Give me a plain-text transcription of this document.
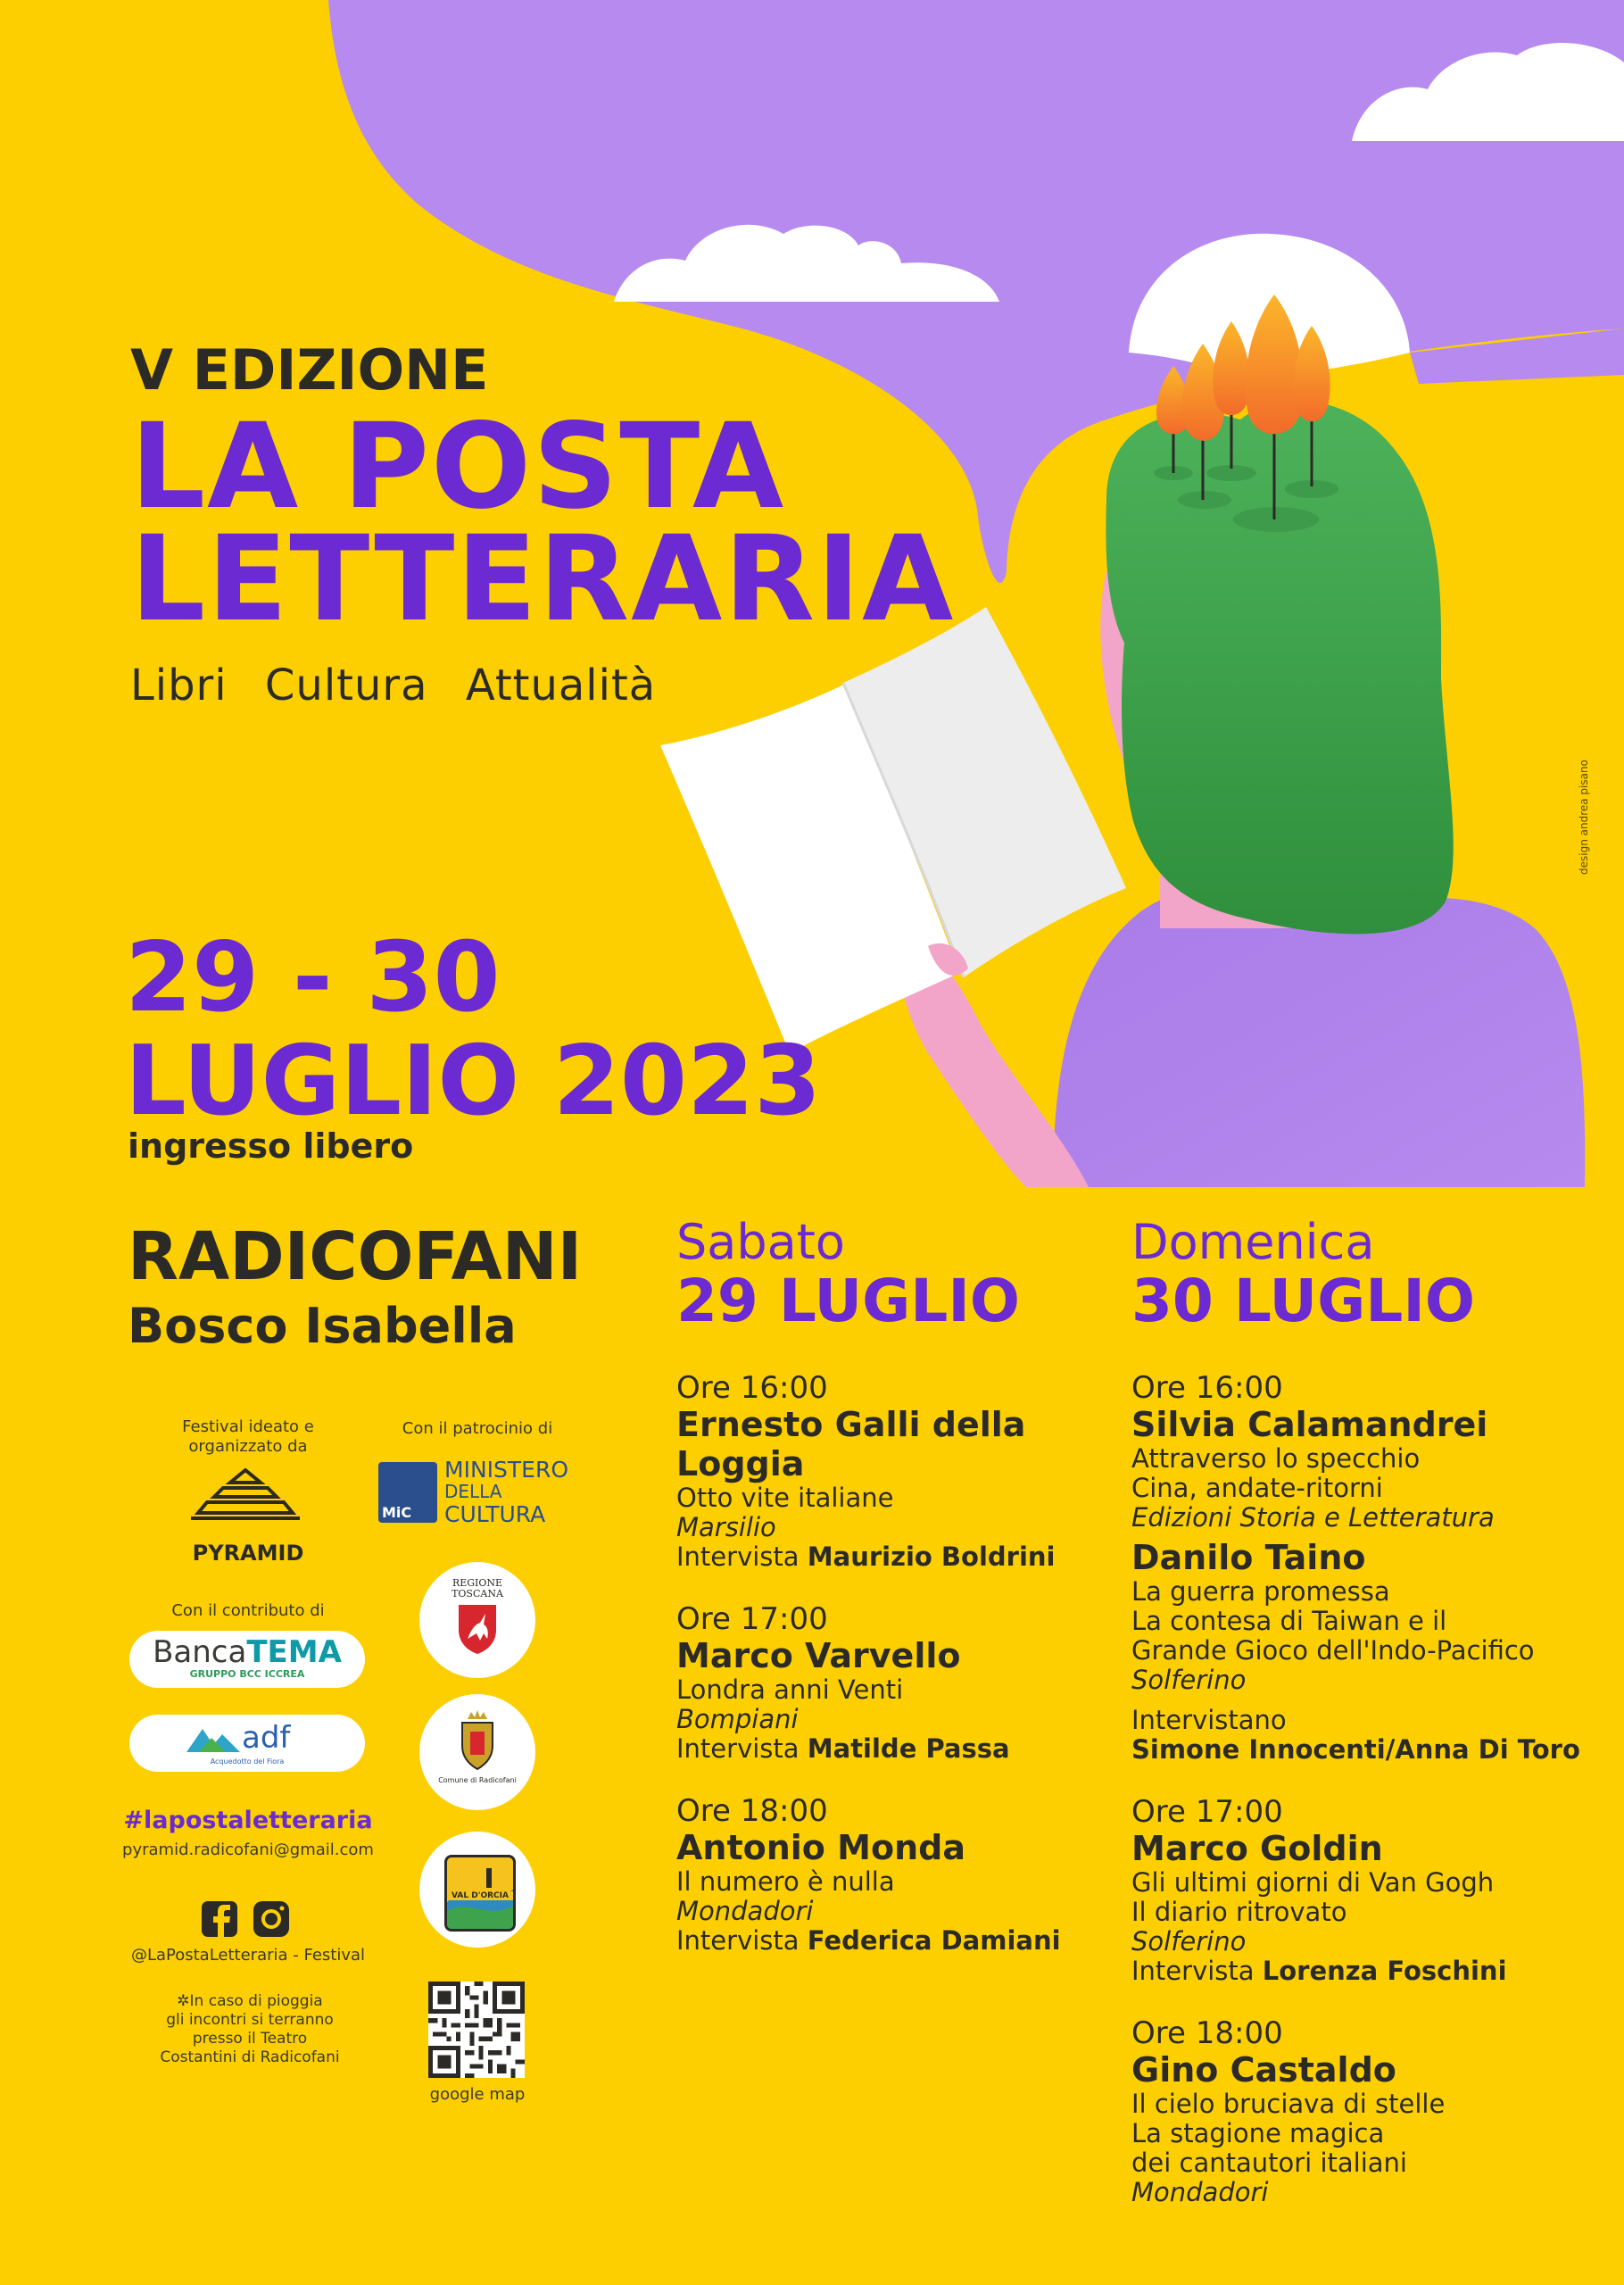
design andrea pisano
V EDIZIONE
LA POSTA
LETTERARIA
Libri Cultura Attualità
29 - 30
LUGLIO 2023
ingresso libero
RADICOFANI
Bosco Isabella
Sabato
29 LUGLIO
Ore 16:00
Ernesto Galli della Loggia
Otto vite italiane
Marsilio
Intervista Maurizio Boldrini
Ore 17:00
Marco Varvello
Londra anni Venti
Bompiani
Intervista Matilde Passa
Ore 18:00
Antonio Monda
Il numero è nulla
Mondadori
Intervista Federica Damiani
Domenica
30 LUGLIO
Ore 16:00
Silvia Calamandrei
Attraverso lo specchio
Cina, andate-ritorni
Edizioni Storia e Letteratura
Danilo Taino
La guerra promessa
La contesa di Taiwan e il
Grande Gioco dell'Indo-Pacifico
Solferino
Intervistano
Simone Innocenti/Anna Di Toro
Ore 17:00
Marco Goldin
Gli ultimi giorni di Van Gogh
Il diario ritrovato
Solferino
Intervista Lorenza Foschini
Ore 18:00
Gino Castaldo
Il cielo bruciava di stelle
La stagione magica
dei cantautori italiani
Mondadori
Festival ideato e
organizzato da
PYRAMID
Con il contributo di
BancaTEMA
GRUPPO BCC ICCREA
adf
Acquedotto del Fiora
#lapostaletteraria
pyramid.radicofani@gmail.com
@LaPostaLetteraria - Festival
✲In caso di pioggia
gli incontri si terranno
presso il Teatro
Costantini di Radicofani
Con il patrocinio di
MiC
MINISTERO
DELLA
CULTURA
REGIONE
TOSCANA
Comune di Radicofani
VAL D'ORCIA
google map
